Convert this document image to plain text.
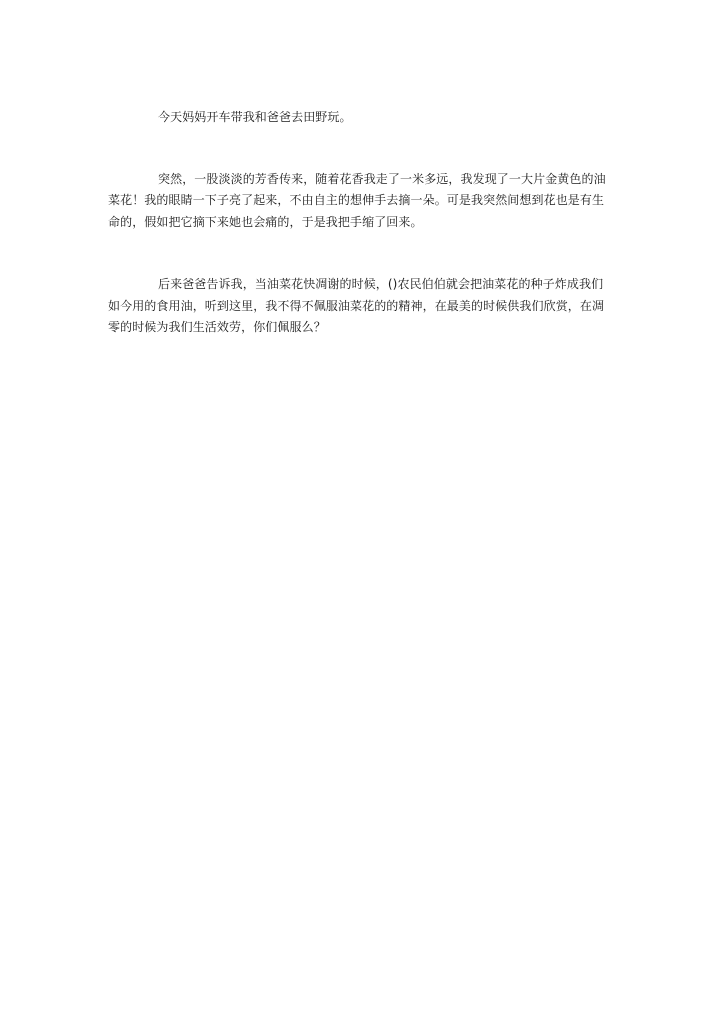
今天妈妈开车带我和爸爸去田野玩。

突然，一股淡淡的芳香传来，随着花香我走了一米多远，我发现了一大片金黄色的油菜花！我的眼睛一下子亮了起来，不由自主的想伸手去摘一朵。可是我突然间想到花也是有生命的，假如把它摘下来她也会痛的，于是我把手缩了回来。

后来爸爸告诉我，当油菜花快凋谢的时候，()农民伯伯就会把油菜花的种子炸成我们如今用的食用油，听到这里，我不得不佩服油菜花的的精神，在最美的时候供我们欣赏，在凋零的时候为我们生活效劳，你们佩服么？
